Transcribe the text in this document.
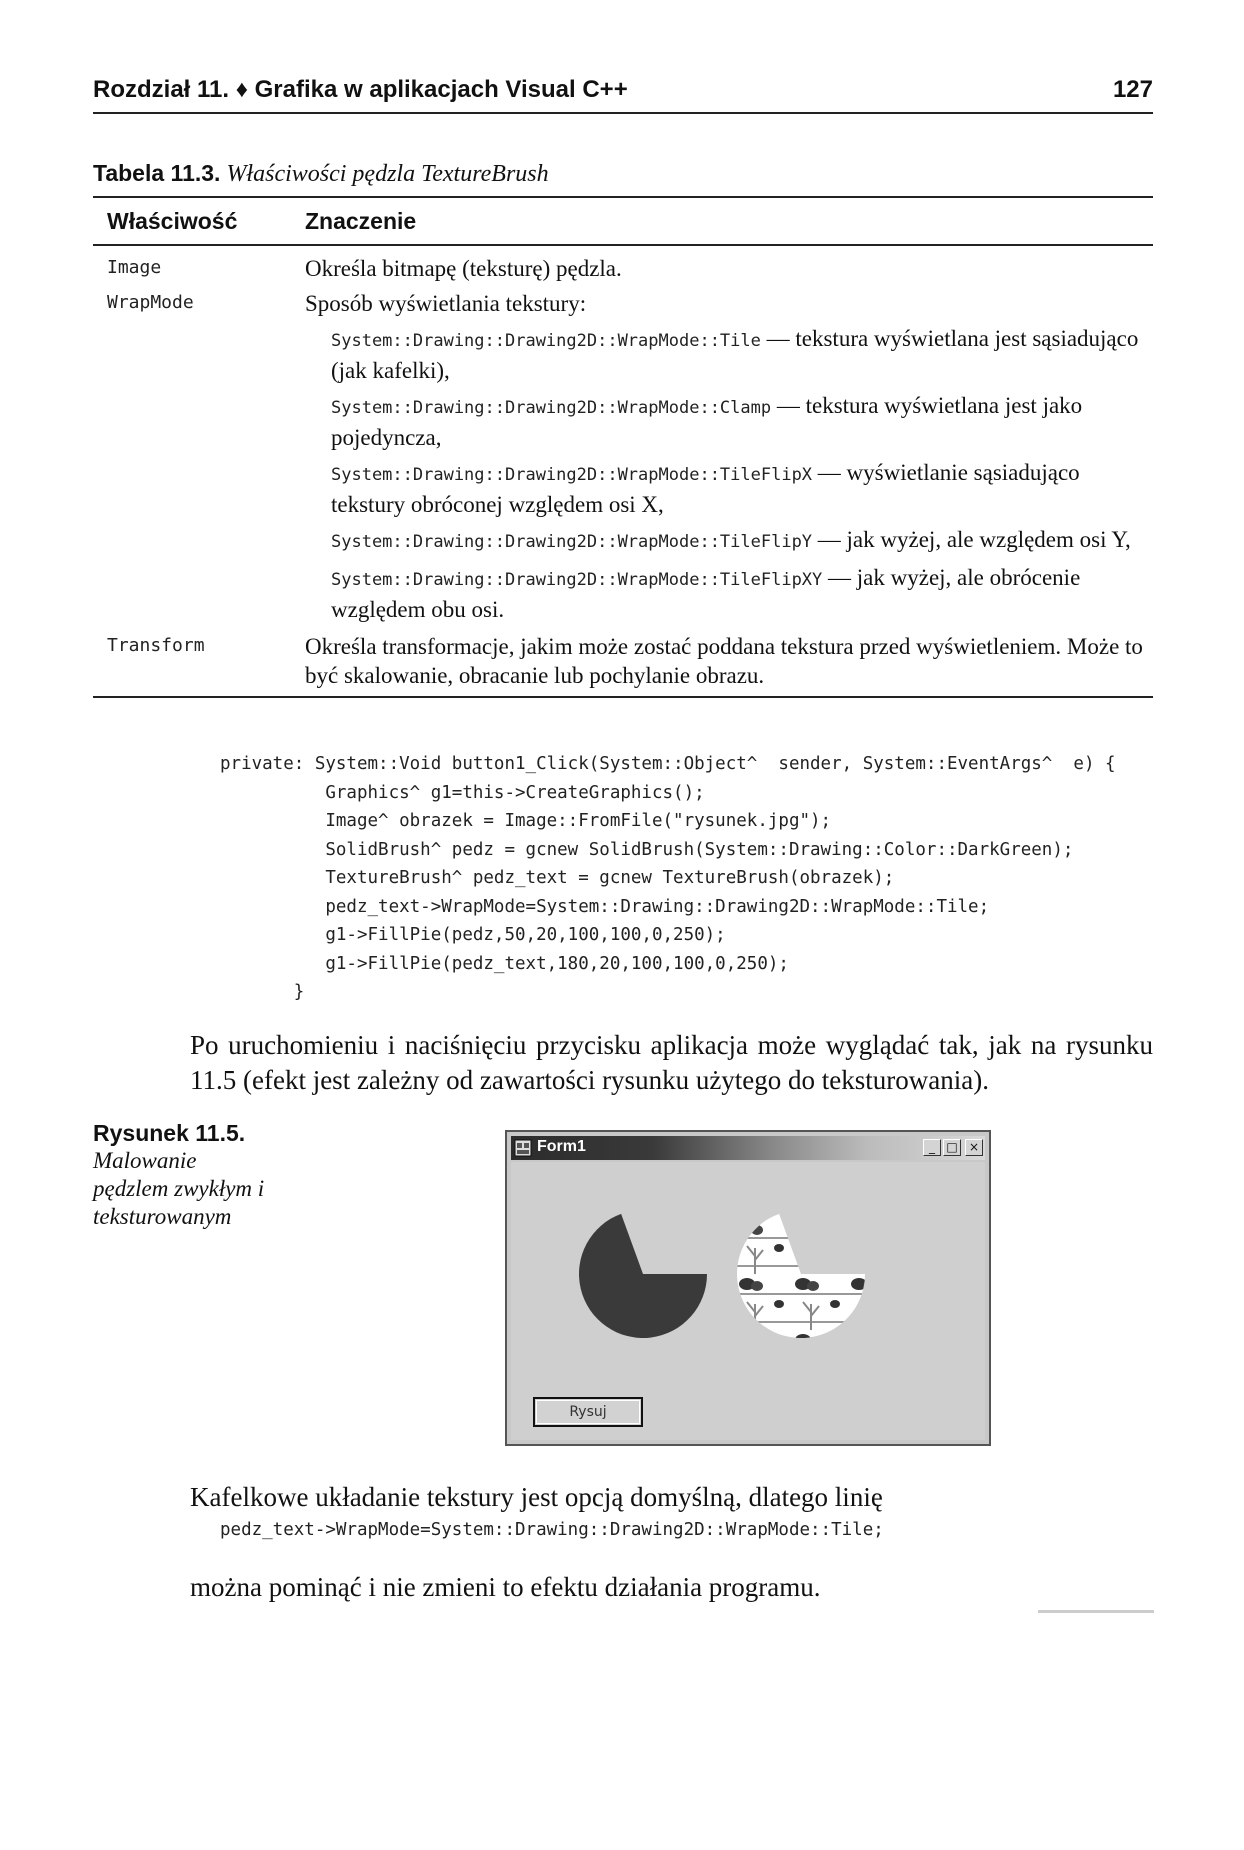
Rozdział 11. ♦ Grafika w aplikacjach Visual C++	127
Tabela 11.3. Właściwości pędzla TextureBrush
Właściwość	Znaczenie
Image	Określa bitmapę (teksturę) pędzla.
WrapMode	Sposób wyświetlania tekstury:
System::Drawing::Drawing2D::WrapMode::Tile — tekstura wyświetlana jest sąsiadująco (jak kafelki),
System::Drawing::Drawing2D::WrapMode::Clamp — tekstura wyświetlana jest jako pojedyncza,
System::Drawing::Drawing2D::WrapMode::TileFlipX — wyświetlanie sąsiadująco tekstury obróconej względem osi X,
System::Drawing::Drawing2D::WrapMode::TileFlipY — jak wyżej, ale względem osi Y,
System::Drawing::Drawing2D::WrapMode::TileFlipXY — jak wyżej, ale obrócenie względem obu osi.
Transform	Określa transformacje, jakim może zostać poddana tekstura przed wyświetleniem. Może to być skalowanie, obracanie lub pochylanie obrazu.
private: System::Void button1_Click(System::Object^  sender, System::EventArgs^  e) {
Graphics^ g1=this->CreateGraphics();
Image^ obrazek = Image::FromFile("rysunek.jpg");
SolidBrush^ pedz = gcnew SolidBrush(System::Drawing::Color::DarkGreen);
TextureBrush^ pedz_text = gcnew TextureBrush(obrazek);
pedz_text->WrapMode=System::Drawing::Drawing2D::WrapMode::Tile;
g1->FillPie(pedz,50,20,100,100,0,250);
g1->FillPie(pedz_text,180,20,100,100,0,250);
}
Po uruchomieniu i naciśnięciu przycisku aplikacja może wyglądać tak, jak na rysunku 11.5 (efekt jest zależny od zawartości rysunku użytego do teksturowania).
Rysunek 11.5.
Malowanie pędzlem zwykłym i teksturowanym
Form1	_ □ ×
Rysuj
Kafelkowe układanie tekstury jest opcją domyślną, dlatego linię
pedz_text->WrapMode=System::Drawing::Drawing2D::WrapMode::Tile;
można pominąć i nie zmieni to efektu działania programu.
